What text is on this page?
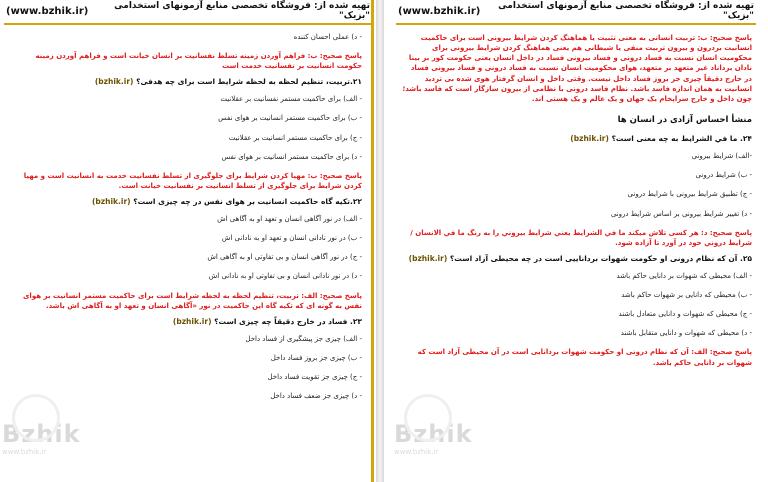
تهیه شده از: فروشگاه تخصصی منابع آزمونهای استخدامی "بزیک"
(www.bzhik.ir)
- د) عملی احسان کننده
پاسخ صحیح: ب: فراهم آوردن زمینه تسلط نفسانیت بر انسان خیانت است و فراهم آوردن زمینه حکومت انسانیت بر نفسانیت خدمت است
۲۱.تربیت، تنظیم لحظه به لحظه شرایط است برای چه هدفی؟ (bzhik.ir)
- الف) برای حاکمیت مستمر نفسانیت بر عقلانیت
- ب) برای حاکمیت مستمر انسانیت بر هوای نفس
- ج) برای حاکمیت مستمر انسانیت بر عقلانیت
- د) برای حاکمیت مستمر انسانیت بر هوای نفس
پاسخ صحیح: ب: مهیا کردن شرایط برای جلوگیری از تسلط نفسانیت خدمت به انسانیت است و مهیا کردن شرایط برای جلوگیری از تسلط انسانیت بر نفسانیت خیانت است.
۲۲.تکیه گاه حاکمیت انسانیت بر هوای نفس در چه چیزی است؟ (bzhik.ir)
- الف) در نور آگاهی انسان و تعهد او به آگاهی اش
- ب) در نور نادانی انسان و تعهد او به نادانی اش
- ج) در نور آگاهی انسان و بی تفاوتی او به آگاهی اش
- د) در نور نادانی انسان و بی تفاوتی او به نادانی اش
پاسخ صحیح: الف: تربیت، تنظیم لحظه به لحظه شرایط است برای حاکمیت مستمر انسانیت بر هوای نفس به گونه ای که تکیه گاه این حاکمیت در نور «آگاهی انسان و تعهد او به آگاهی اش باشد.
۲۳. فساد در خارج دقیقاً چه چیزی است؟ (bzhik.ir)
- الف) چیزی جز پیشگیری از فساد داخل
- ب) چیزی جز بروز فساد داخل
- ج) چیزی جز تقویت فساد داخل
- د) چیزی جز ضعف فساد داخل
Bzhik
www.bzhik.ir
تهیه شده از: فروشگاه تخصصی منابع آزمونهای استخدامی "بزیک"
(www.bzhik.ir)
پاسخ صحیح: ب: تربیت انسانی به معنی تثبیت یا هماهنگ کردن شرایط بیرونی است برای حاکمیت انسانیت بردرون و بیرون تربیت منفی یا شیطانی هم یعنی هماهنگ کردن شرایط بیرونی برای محکومیت انسان نسبت به فساد درونی و فساد بیرونی فساد در داخل انسان یعنی حکومت کور بر بینا نادان برداناد غیر متعهد بر متعهد، هوای محکومیت انسان نسبت به فساد درونی و فساد بیرونی فساد در خارج دقیقاً چیزی جز بروز فساد داخل نیست. وقتی داخل و انسان گرفتار هوی شده بی تردید انسانیت به همان اندازه فاسد باشد. نظام فاسد درونی با نظامی از بیرون سازگار است که فاسد باشد؛ چون داخل و خارج سراپخام یک جهان و یک عالم و یک هستی اند.
منشأ احساس آزادی در انسان ها
۲۴. ما في الشرايط به چه معنی است؟ (bzhik.ir)
-الف) شرایط بیرونی
- ب) شرایط درونی
- ج) تطبیق شرایط بیرونی با شرایط درونی
- د) تغییر شرایط بیرونی بر اساس شرایط درونی
پاسخ صحیح: د: هر کسی تلاش میکند ما في الشرايط يعني شرايط بيروني را به رنگ ما في الانسان / شرايط دروني خود در آورد تا آزاده شود.
۲۵. آن که نظام درونی او حکومت شهوات برداناییی است در چه محیطی آزاد است؟ (bzhik.ir)
- الف) محیطی که شهوات بر دانایی حاکم باشد
- ب) محیطی که دانایی بر شهوات حاکم باشد
- ج) محیطی که شهوات و دانایی متعادل باشند
- د) محیطی که شهوات و دانایی متقابل باشند
پاسخ صحیح: الف: آن که نظام درونی او حکومت شهوات بردانایی است در آن محیطی آزاد است که شهوات بر دانایی حاکم باشد.
Bzhik
www.bzhik.ir
